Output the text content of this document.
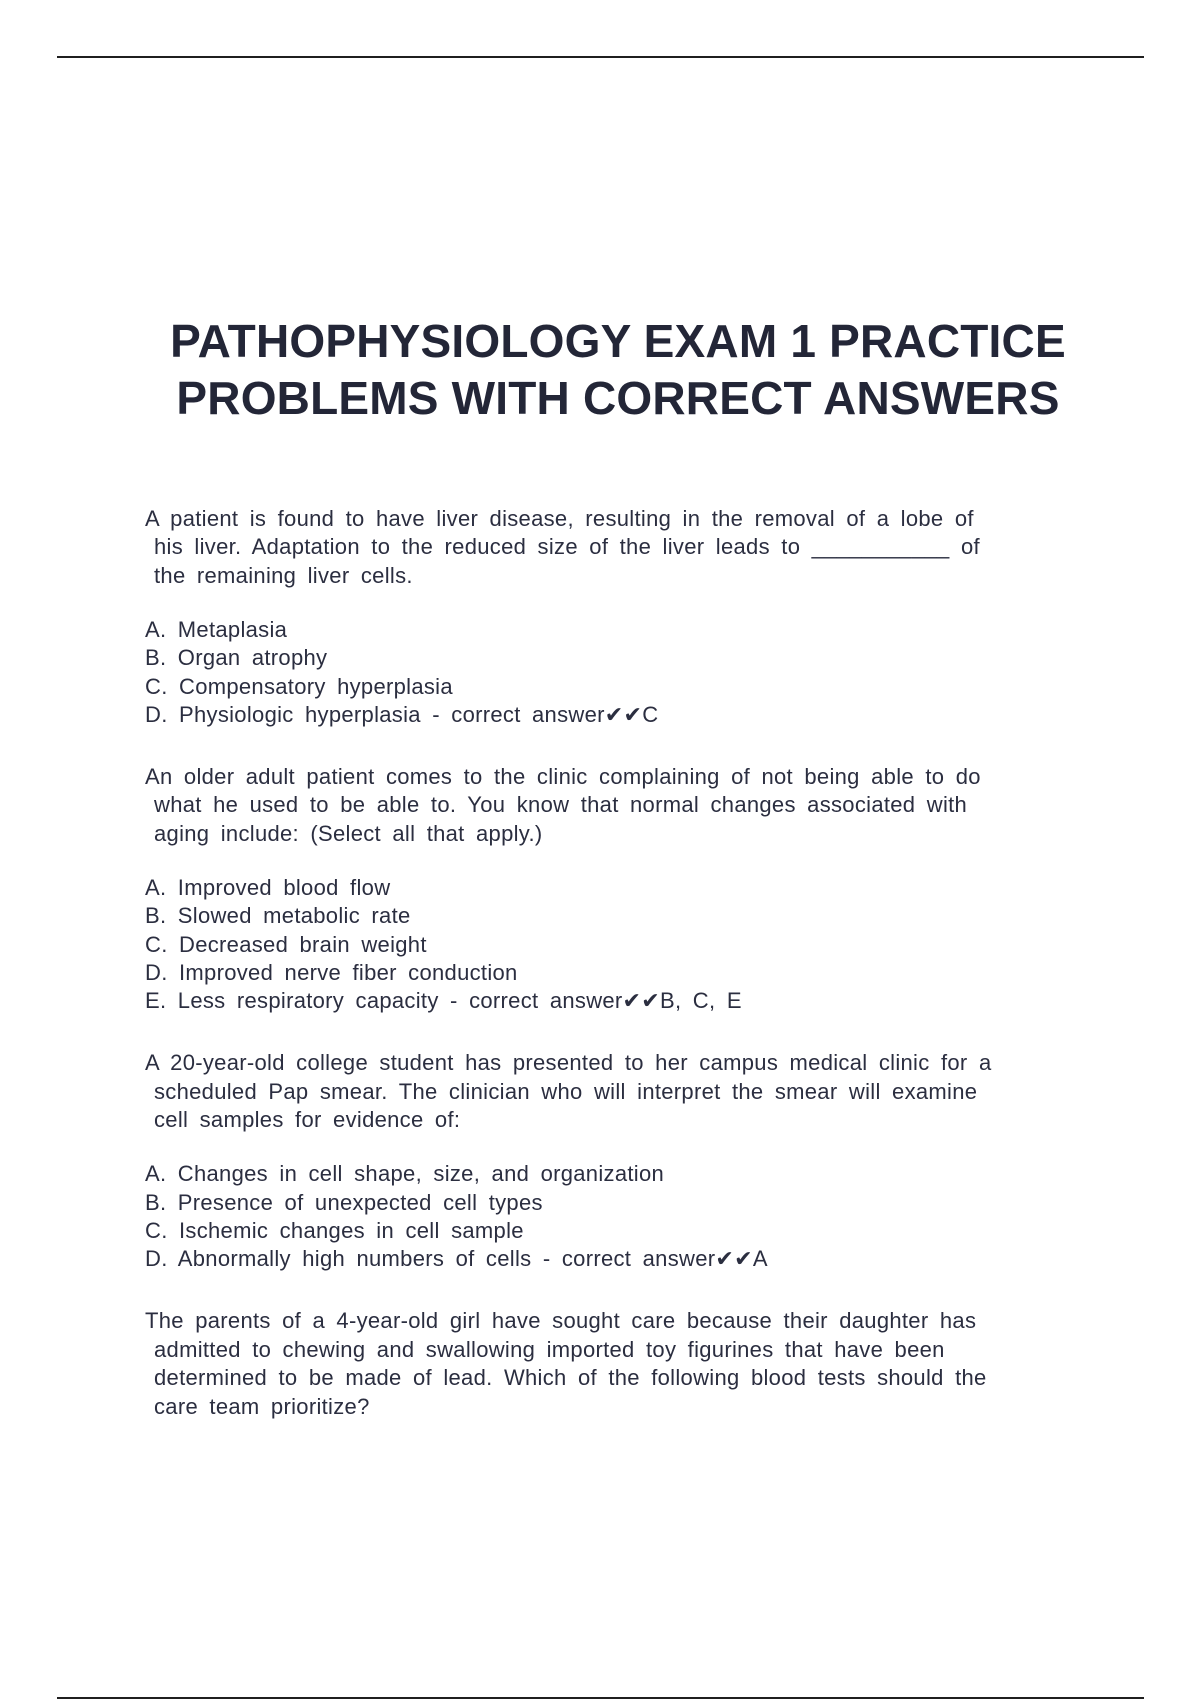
PATHOPHYSIOLOGY EXAM 1 PRACTICE
PROBLEMS WITH CORRECT ANSWERS

A patient is found to have liver disease, resulting in the removal of a lobe of
his liver. Adaptation to the reduced size of the liver leads to ___________ of
the remaining liver cells.

A. Metaplasia
B. Organ atrophy
C. Compensatory hyperplasia
D. Physiologic hyperplasia - correct answer✔✔C

An older adult patient comes to the clinic complaining of not being able to do
what he used to be able to. You know that normal changes associated with
aging include: (Select all that apply.)

A. Improved blood flow
B. Slowed metabolic rate
C. Decreased brain weight
D. Improved nerve fiber conduction
E. Less respiratory capacity - correct answer✔✔B, C, E

A 20-year-old college student has presented to her campus medical clinic for a
scheduled Pap smear. The clinician who will interpret the smear will examine
cell samples for evidence of:

A. Changes in cell shape, size, and organization
B. Presence of unexpected cell types
C. Ischemic changes in cell sample
D. Abnormally high numbers of cells - correct answer✔✔A

The parents of a 4-year-old girl have sought care because their daughter has
admitted to chewing and swallowing imported toy figurines that have been
determined to be made of lead. Which of the following blood tests should the
care team prioritize?
